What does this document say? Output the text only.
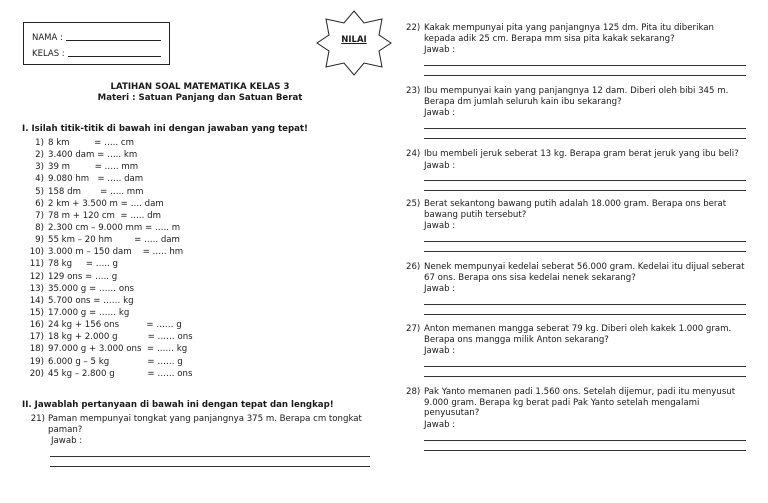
NAMA :
KELAS :
NILAI
LATIHAN SOAL MATEMATIKA KELAS 3
Materi : Satuan Panjang dan Satuan Berat
I. Isilah titik-titik di bawah ini dengan jawaban yang tepat!
1) 8 km         = ….. cm
2) 3.400 dam = ….. km
3) 39 m         = ….. mm
4) 9.080 hm   = ….. dam
5) 158 dm       = ….. mm
6) 2 km + 3.500 m = …. dam
7) 78 m + 120 cm  = ….. dm
8) 2.300 cm – 9.000 mm = ….. m
9) 55 km – 20 hm        = ….. dam
10) 3.000 m – 150 dam    = ….. hm
11) 78 kg     = ….. g
12) 129 ons = ….. g
13) 35.000 g = …… ons
14) 5.700 ons = …… kg
15) 17.000 g = …… kg
16) 24 kg + 156 ons          = …… g
17) 18 kg + 2.000 g           = …… ons
18) 97.000 g + 3.000 ons  = …… kg
19) 6.000 g – 5 kg              = …… g
20) 45 kg – 2.800 g            = …… ons
II. Jawablah pertanyaan di bawah ini dengan tepat dan lengkap!
21) Paman mempunyai tongkat yang panjangnya 375 m. Berapa cm tongkat paman?
Jawab :
22) Kakak mempunyai pita yang panjangnya 125 dm. Pita itu diberikan kepada adik 25 cm. Berapa mm sisa pita kakak sekarang?
Jawab :
23) Ibu mempunyai kain yang panjangnya 12 dam. Diberi oleh bibi 345 m. Berapa dm jumlah seluruh kain ibu sekarang?
Jawab :
24) Ibu membeli jeruk seberat 13 kg. Berapa gram berat jeruk yang ibu beli?
Jawab :
25) Berat sekantong bawang putih adalah 18.000 gram. Berapa ons berat bawang putih tersebut?
Jawab :
26) Nenek mempunyai kedelai seberat 56.000 gram. Kedelai itu dijual seberat 67 ons. Berapa ons sisa kedelai nenek sekarang?
Jawab :
27) Anton memanen mangga seberat 79 kg. Diberi oleh kakek 1.000 gram. Berapa ons mangga milik Anton sekarang?
Jawab :
28) Pak Yanto memanen padi 1.560 ons. Setelah dijemur, padi itu menyusut 9.000 gram. Berapa kg berat padi Pak Yanto setelah mengalami penyusutan?
Jawab :
